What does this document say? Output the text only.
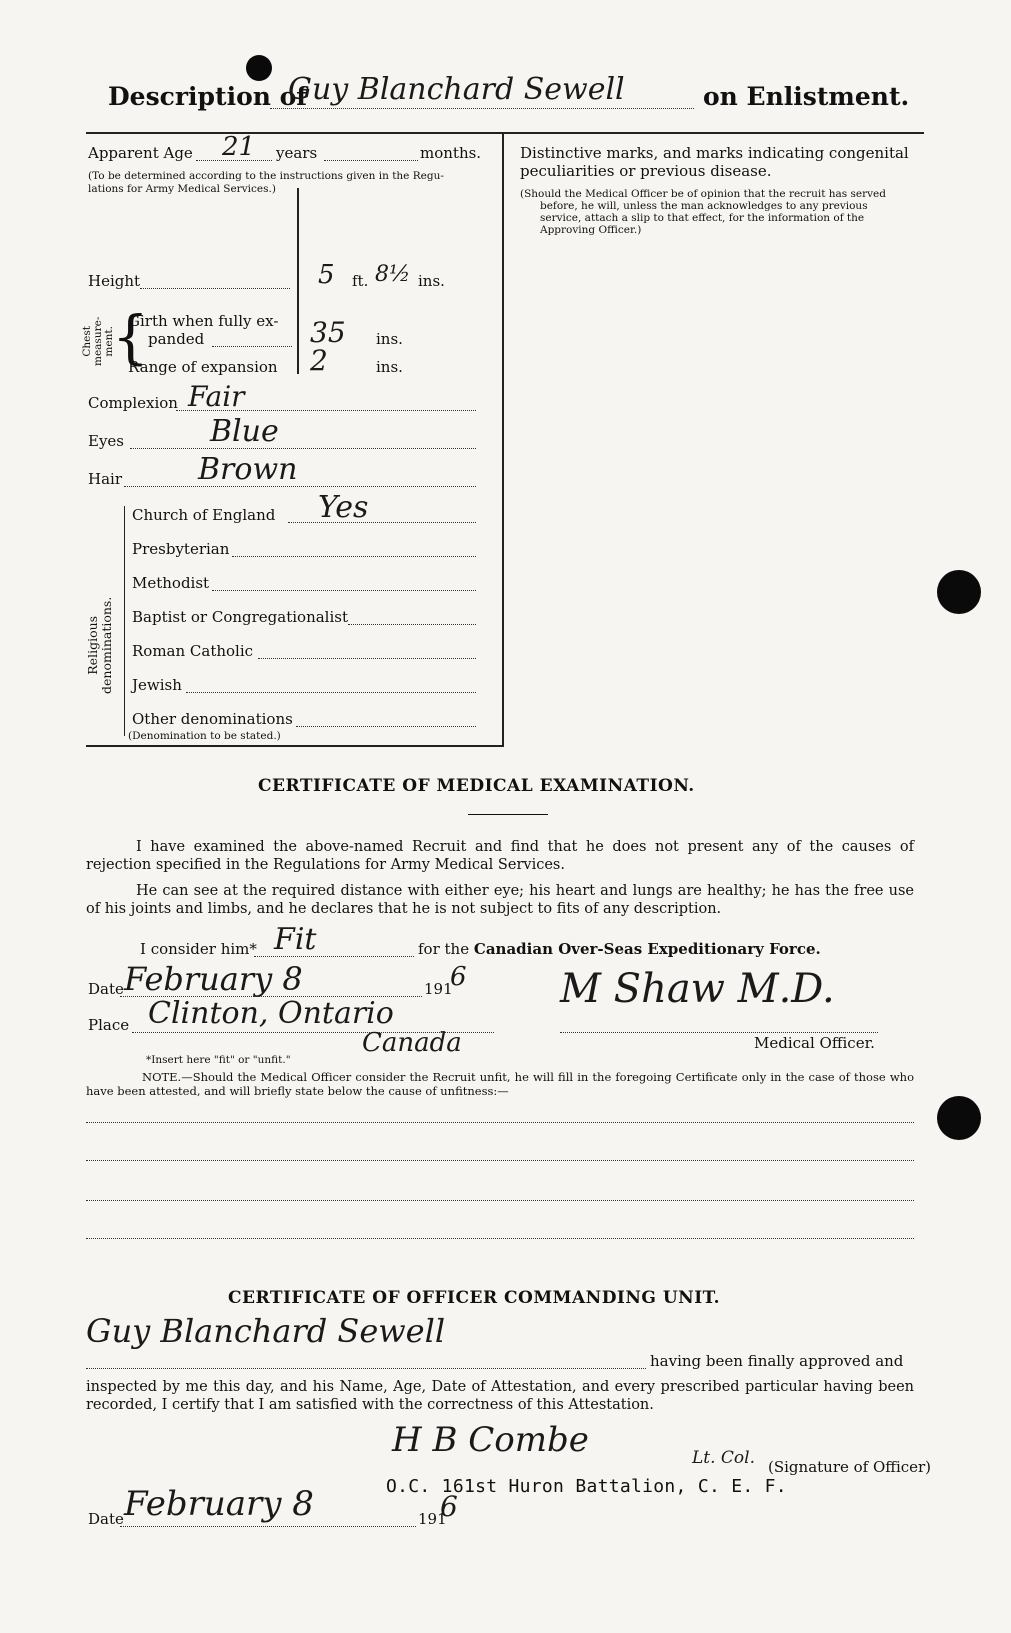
Description of
Guy Blanchard Sewell	on Enlistment.
Apparent Age 21 years	months.
(To be determined according to the instructions given in the Regu-
lations for Army Medical Services.)
Height	5 ft. 8½ ins.
Chest measure- ment.
{
Girth when fully ex-
panded	35 ins.
Range of expansion 2	ins.
Complexion Fair
Eyes	Blue
Hair	Brown
Religious denominations.
Church of England Yes
Presbyterian
Methodist
Baptist or Congregationalist
Roman Catholic
Jewish
Other denominations
(Denomination to be stated.)
Distinctive marks, and marks indicating congenital
peculiarities or previous disease.
(Should the Medical Officer be of opinion that the recruit has served
before, he will, unless the man acknowledges to any previous
service, attach a slip to that effect, for the information of the
Approving Officer.)
CERTIFICATE OF MEDICAL EXAMINATION.
I have examined the above-named Recruit and find that he does not present any of the causes of rejection specified in the Regulations for Army Medical Services.
He can see at the required distance with either eye; his heart and lungs are healthy; he has the free use of his joints and limbs, and he declares that he is not subject to fits of any description.
I consider him* Fit	for the Canadian Over-Seas Expeditionary Force.
Date February 8	191
6 M Shaw M.D.
Place Clinton, Ontario
Canada	Medical Officer.
*Insert here "fit" or "unfit."
NOTE.—Should the Medical Officer consider the Recruit unfit, he will fill in the foregoing Certificate only in the case of those who have been attested, and will briefly state below the cause of unfitness:—
CERTIFICATE OF OFFICER COMMANDING UNIT.
Guy Blanchard Sewell
having been finally approved and
inspected by me this day, and his Name, Age, Date of Attestation, and every prescribed particular having been recorded, I certify that I am satisfied with the correctness of this Attestation.
H B Combe	Lt. Col. (Signature of Officer)
O.C. 161st Huron Battalion, C. E. F.
Date February 8	191
6
